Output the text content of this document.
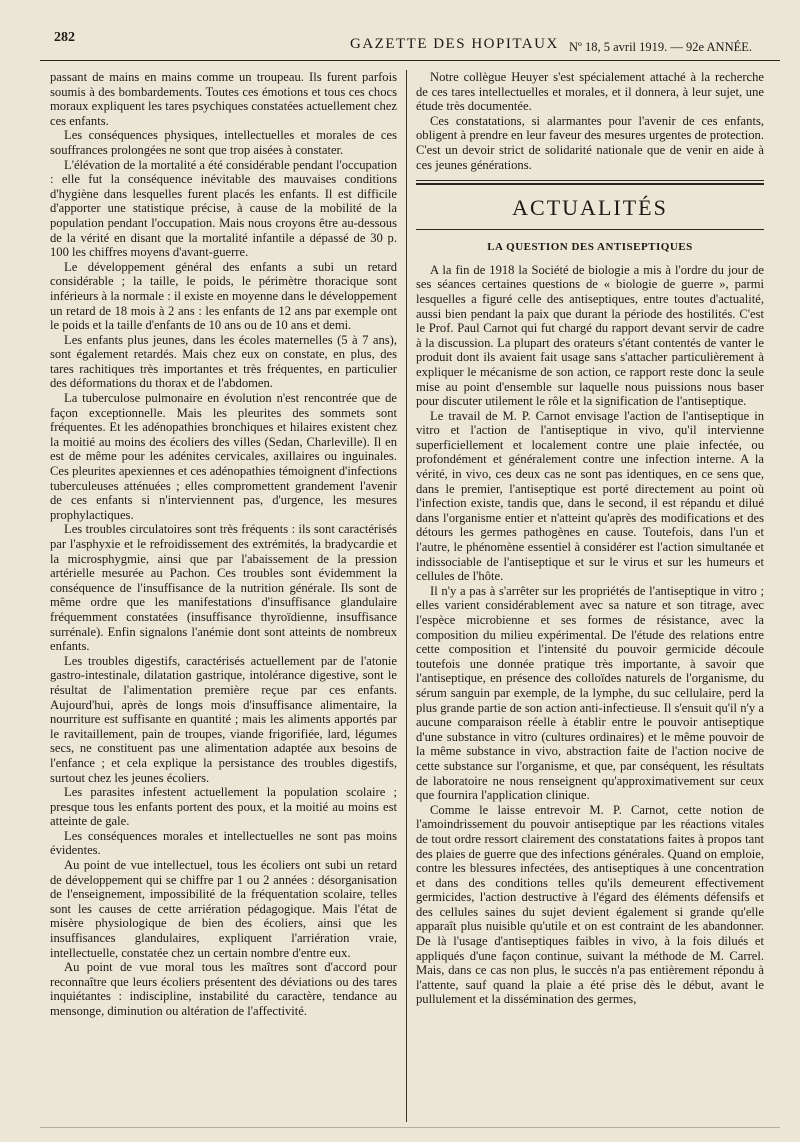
282	GAZETTE DES HOPITAUX Nº 18, 5 avril 1919. — 92e ANNÉE.

passant de mains en mains comme un troupeau. Ils furent parfois soumis à des bombardements. Toutes ces émotions et tous ces chocs moraux expliquent les tares psychiques constatées actuellement chez ces enfants.

Les conséquences physiques, intellectuelles et morales de ces souffrances prolongées ne sont que trop aisées à constater.

L'élévation de la mortalité a été considérable pendant l'occupation : elle fut la conséquence inévitable des mauvaises conditions d'hygiène dans lesquelles furent placés les enfants. Il est difficile d'apporter une statistique précise, à cause de la mobilité de la population pendant l'occupation. Mais nous croyons être au-dessous de la vérité en disant que la mortalité infantile a dépassé de 30 p. 100 les chiffres moyens d'avant-guerre.

Le développement général des enfants a subi un retard considérable ; la taille, le poids, le périmètre thoracique sont inférieurs à la normale : il existe en moyenne dans le développement un retard de 18 mois à 2 ans : les enfants de 12 ans par exemple ont le poids et la taille d'enfants de 10 ans ou de 10 ans et demi.

Les enfants plus jeunes, dans les écoles maternelles (5 à 7 ans), sont également retardés. Mais chez eux on constate, en plus, des tares rachitiques très importantes et très fréquentes, en particulier des déformations du thorax et de l'abdomen.

La tuberculose pulmonaire en évolution n'est rencontrée que de façon exceptionnelle. Mais les pleurites des sommets sont fréquentes. Et les adénopathies bronchiques et hilaires existent chez la moitié au moins des écoliers des villes (Sedan, Charleville). Il en est de même pour les adénites cervicales, axillaires ou inguinales. Ces pleurites apexiennes et ces adénopathies témoignent d'infections tuberculeuses atténuées ; elles compromettent grandement l'avenir de ces enfants si n'interviennent pas, d'urgence, les mesures prophylactiques.

Les troubles circulatoires sont très fréquents : ils sont caractérisés par l'asphyxie et le refroidissement des extrémités, la bradycardie et la microsphygmie, ainsi que par l'abaissement de la pression artérielle mesurée au Pachon. Ces troubles sont évidemment la conséquence de l'insuffisance de la nutrition générale. Ils sont de même ordre que les manifestations d'insuffisance glandulaire fréquemment constatées (insuffisance thyroïdienne, insuffisance surrénale). Enfin signalons l'anémie dont sont atteints de nombreux enfants.

Les troubles digestifs, caractérisés actuellement par de l'atonie gastro-intestinale, dilatation gastrique, intolérance digestive, sont le résultat de l'alimentation première reçue par ces enfants. Aujourd'hui, après de longs mois d'insuffisance alimentaire, la nourriture est suffisante en quantité ; mais les aliments apportés par le ravitaillement, pain de troupes, viande frigorifiée, lard, légumes secs, ne constituent pas une alimentation adaptée aux besoins de l'enfance ; et cela explique la persistance des troubles digestifs, surtout chez les jeunes écoliers.

Les parasites infestent actuellement la population scolaire ; presque tous les enfants portent des poux, et la moitié au moins est atteinte de gale.

Les conséquences morales et intellectuelles ne sont pas moins évidentes.

Au point de vue intellectuel, tous les écoliers ont subi un retard de développement qui se chiffre par 1 ou 2 années : désorganisation de l'enseignement, impossibilité de la fréquentation scolaire, telles sont les causes de cette arriération pédagogique. Mais l'état de misère physiologique de bien des écoliers, ainsi que les insuffisances glandulaires, expliquent l'arriération vraie, intellectuelle, constatée chez un certain nombre d'entre eux.

Au point de vue moral tous les maîtres sont d'accord pour reconnaître que leurs écoliers présentent des déviations ou des tares inquiétantes : indiscipline, instabilité du caractère, tendance au mensonge, diminution ou altération de l'affectivité.

Notre collègue Heuyer s'est spécialement attaché à la recherche de ces tares intellectuelles et morales, et il donnera, à leur sujet, une étude très documentée.

Ces constatations, si alarmantes pour l'avenir de ces enfants, obligent à prendre en leur faveur des mesures urgentes de protection. C'est un devoir strict de solidarité nationale que de venir en aide à ces jeunes générations.

ACTUALITÉS
LA QUESTION DES ANTISEPTIQUES

A la fin de 1918 la Société de biologie a mis à l'ordre du jour de ses séances certaines questions de « biologie de guerre », parmi lesquelles a figuré celle des antiseptiques, entre toutes d'actualité, aussi bien pendant la paix que durant la période des hostilités. C'est le Prof. Paul Carnot qui fut chargé du rapport devant servir de cadre à la discussion. La plupart des orateurs s'étant contentés de vanter le produit dont ils avaient fait usage sans s'attacher particulièrement à expliquer le mécanisme de son action, ce rapport reste donc la seule mise au point d'ensemble sur laquelle nous puissions nous baser pour discuter utilement le rôle et la signification de l'antiseptique.

Le travail de M. P. Carnot envisage l'action de l'antiseptique in vitro et l'action de l'antiseptique in vivo, qu'il intervienne superficiellement et localement contre une plaie infectée, ou profondément et généralement contre une infection interne. A la vérité, in vivo, ces deux cas ne sont pas identiques, en ce sens que, dans le premier, l'antiseptique est porté directement au point où l'infection existe, tandis que, dans le second, il est répandu et dilué dans l'organisme entier et n'atteint qu'après des modifications et des détours les germes pathogènes en cause. Toutefois, dans l'un et l'autre, le phénomène essentiel à considérer est l'action simultanée et indissociable de l'antiseptique et sur le virus et sur les humeurs et cellules de l'hôte.

Il n'y a pas à s'arrêter sur les propriétés de l'antiseptique in vitro ; elles varient considérablement avec sa nature et son titrage, avec l'espèce microbienne et ses formes de résistance, avec la composition du milieu expérimental. De l'étude des relations entre cette composition et l'intensité du pouvoir germicide découle toutefois une donnée pratique très importante, à savoir que l'antiseptique, en présence des colloïdes naturels de l'organisme, du sérum sanguin par exemple, de la lymphe, du suc cellulaire, perd la plus grande partie de son action anti-infectieuse. Il s'ensuit qu'il n'y a aucune comparaison réelle à établir entre le pouvoir antiseptique d'une substance in vitro (cultures ordinaires) et le même pouvoir de la même substance in vivo, abstraction faite de l'action nocive de cette substance sur l'organisme, et que, par conséquent, les résultats de laboratoire ne nous renseignent qu'approximativement sur ceux que fournira l'application clinique.

Comme le laisse entrevoir M. P. Carnot, cette notion de l'amoindrissement du pouvoir antiseptique par les réactions vitales de tout ordre ressort clairement des constatations faites à propos tant des plaies de guerre que des infections générales. Quand on emploie, contre les blessures infectées, des antiseptiques à une concentration et dans des conditions telles qu'ils demeurent effectivement germicides, l'action destructive à l'égard des éléments défensifs et des cellules saines du sujet devient également si grande qu'elle apparaît plus nuisible qu'utile et on est contraint de les abandonner. De là l'usage d'antiseptiques faibles in vivo, à la fois dilués et appliqués d'une façon continue, suivant la méthode de M. Carrel. Mais, dans ce cas non plus, le succès n'a pas entièrement répondu à l'attente, sauf quand la plaie a été prise dès le début, avant le pullulement et la dissémination des germes,
